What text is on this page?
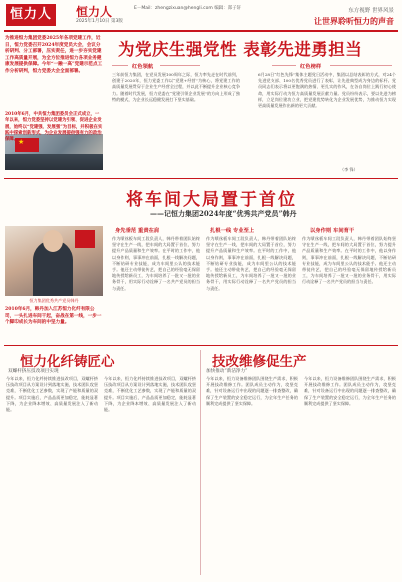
恒力人	恒力人
2025年1月10日 第3版
E－Mail：zhengzixuan@hengli.com 编辑：郑子轩	东方视野 世界风景
让世界聆听恒力的声音
为推进恒力集团党委2025年各项党建工作，近日，恒力党委召开2024年度党员大会，会议分析研判、分工部署，压实责任，进一步夯实党建工作高质量开展，为全方位推进恒力各项业务健康发展提供保障。今年“一融一高”党建示范点工作分析研判，恒力党委大会全面部署。
为党庆生强党性 表彰先进勇担当
红色领航	红色榜样
三年前恒力集团，在党员发展100周年之际，恒力率先走在时代前列，创建于2020年，恒力党委工作以“党建+经营”为核心，将党建工作的高质量发展贯穿于企业生产经营全过程，并以此不断提升企业核心竞争力。随着时代发展，恒力党委在“党建引领企业发展”的方向上形成了独特的模式，为企业长远稳健发展打下坚实基础。
6月28日“红色先锋”集体主题党日活动中，集团以总结表彰的方式，对24个先进党支部、100名优秀党员进行了表彰，让先进典型成为身边的标杆。党员同志们表示将以更饱满的热情、更扎实的作风，在各自岗位上践行初心使命，用实际行动为恒力高质量发展贡献力量。党员纷纷表示，要以先进为榜样，立足岗位建功立业，把党建优势转化为企业发展优势，为推动恒力实现更高质量发展作出新的更大贡献。
★
2010年6月，中共恒力集团委员会正式成立，一年以来，恒力党委坚持以党建为引领、促进企业发展，始终以“党建强、发展强”为目标，并积极在实践中探索创新形式，为企业发展提供强有力的政治保障。
（李 锋）
将车间大局置于首位
——记恒力集团2024年度“优秀共产党员”韩丹
恒力集团优秀共产党员韩丹
2010年6月，韩丹加入江苏恒力化纤有限公司，一头扎进车间干起，奋战在第一线，一步一个脚印成长为车间的中坚力量。
身先垂范 重责在肩	扎根一线 专业至上	以身作则 车间育干
作为喷丝板车间工段负责人，韩丹带着团队始终坚守在生产一线，把车间的大局置于首位，努力提升产品质量和生产效率。在平时的工作中，他以身作则，事事冲在前面，扎根一线解决问题，不断钻研专业技能，成为车间里公认的技术能手。他还主动带徒传艺，把自己的经验毫无保留地传授给新员工，为车间培养了一批又一批的业务骨干，用实际行动诠释了一名共产党员的担当与责任。
作为喷丝板车间工段负责人，韩丹带着团队始终坚守在生产一线，把车间的大局置于首位，努力提升产品质量和生产效率。在平时的工作中，他以身作则，事事冲在前面，扎根一线解决问题，不断钻研专业技能，成为车间里公认的技术能手。他还主动带徒传艺，把自己的经验毫无保留地传授给新员工，为车间培养了一批又一批的业务骨干，用实际行动诠释了一名共产党员的担当与责任。
作为喷丝板车间工段负责人，韩丹带着团队始终坚守在生产一线，把车间的大局置于首位，努力提升产品质量和生产效率。在平时的工作中，他以身作则，事事冲在前面，扎根一线解决问题，不断钻研专业技能，成为车间里公认的技术能手。他还主动带徒传艺，把自己的经验毫无保留地传授给新员工，为车间培养了一批又一批的业务骨干，用实际行动诠释了一名共产党员的担当与责任。
恒力化纤铸匠心
双螺杆挤压技改项目实现
今年以来，恒力化纤持续推进技改项目，双螺杆挤压技改项目从方案设计到落地实施，技术团队攻坚克难，不断优化工艺参数，实现了产能和质量的双提升。项目实施后，产品品质更加稳定，能耗显著下降，为企业降本增效、高质量发展注入了新动能。
今年以来，恒力化纤持续推进技改项目，双螺杆挤压技改项目从方案设计到落地实施，技术团队攻坚克难，不断优化工艺参数，实现了产能和质量的双提升。项目实施后，产品品质更加稳定，能耗显著下降，为企业降本增效、高质量发展注入了新动能。
技改维修促生产
加快推动“新洁净力”
今年以来，恒力设备维修团队围绕生产需求，积极开展技改维修工作。团队成员主动作为，攻坚克难，针对设备运行中出现的问题逐一排查整改，确保了生产装置的安全稳定运行，为全年生产任务的顺利完成提供了坚实保障。
今年以来，恒力设备维修团队围绕生产需求，积极开展技改维修工作。团队成员主动作为，攻坚克难，针对设备运行中出现的问题逐一排查整改，确保了生产装置的安全稳定运行，为全年生产任务的顺利完成提供了坚实保障。
